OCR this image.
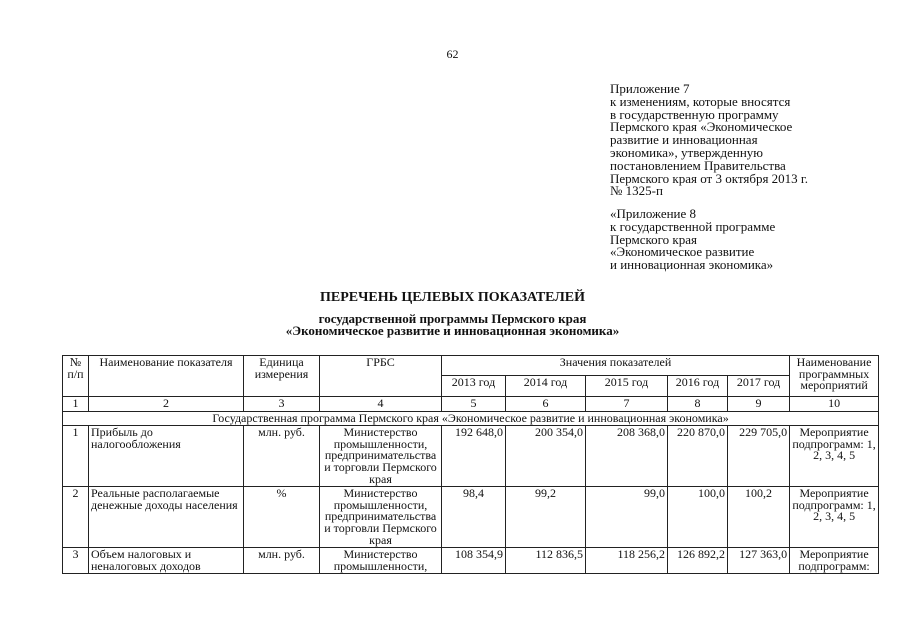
62
Приложение 7
к изменениям, которые вносятся
в государственную программу
Пермского края «Экономическое
развитие и инновационная
экономика», утвержденную
постановлением Правительства
Пермского края от 3 октября 2013 г.
№ 1325-п
«Приложение 8
к государственной программе
Пермского края
«Экономическое развитие
и инновационная экономика»
ПЕРЕЧЕНЬ ЦЕЛЕВЫХ ПОКАЗАТЕЛЕЙ
государственной программы Пермского края
«Экономическое развитие и инновационная экономика»
№ п/п	Наименование показателя	Единица измерения	ГРБС	Значения показателей					Наименование программных мероприятий
				2013 год	2014 год	2015 год	2016 год	2017 год	
1	2	3	4	5	6	7	8	9	10
Государственная программа Пермского края «Экономическое развитие и инновационная экономика»									
1	Прибыль до налогообложения	млн. руб.	Министерство промышленности, предпринимательства и торговли Пермского края	192 648,0	200 354,0	208 368,0	220 870,0	229 705,0	Мероприятие подпрограмм: 1, 2, 3, 4, 5
2	Реальные располагаемые денежные доходы населения	%	Министерство промышленности, предпринимательства и торговли Пермского края	98,4	99,2	99,0	100,0	100,2	Мероприятие подпрограмм: 1, 2, 3, 4, 5
3	Объем налоговых и неналоговых доходов	млн. руб.	Министерство промышленности,	108 354,9	112 836,5	118 256,2	126 892,2	127 363,0	Мероприятие подпрограмм:
